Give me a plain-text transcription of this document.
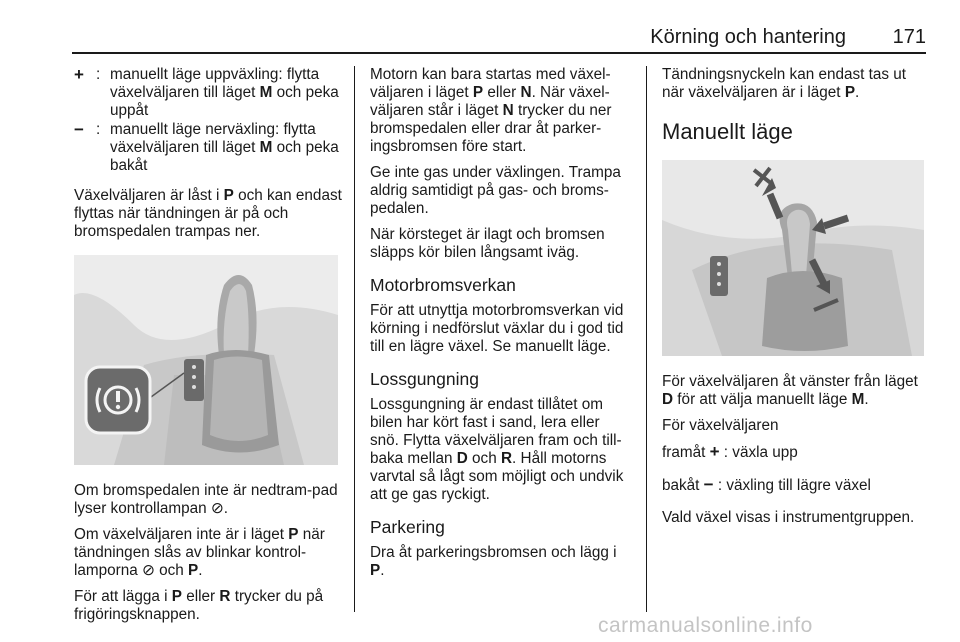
Körning och hantering 171
+ : manuellt läge uppväxling: flytta växelväljaren till läget M och peka uppåt
− : manuellt läge nerväxling: flytta växelväljaren till läget M och peka bakåt

Växelväljaren är låst i P och kan endast flyttas när tändningen är på och bromspedalen trampas ner.

Om bromspedalen inte är nedtram-pad lyser kontrollampan ⊘.

Om växelväljaren inte är i läget P när tändningen slås av blinkar kontrol-lamporna ⊘ och P.

För att lägga i P eller R trycker du på frigöringsknappen.

Motorn kan bara startas med växel-väljaren i läget P eller N. När växel-väljaren står i läget N trycker du ner bromspedalen eller drar åt parker-ingsbromsen före start.

Ge inte gas under växlingen. Trampa aldrig samtidigt på gas- och broms-pedalen.

När körsteget är ilagt och bromsen släpps kör bilen långsamt iväg.

Motorbromsverkan

För att utnyttja motorbromsverkan vid körning i nedförslut växlar du i god tid till en lägre växel. Se manuellt läge.

Lossgungning

Lossgungning är endast tillåtet om bilen har kört fast i sand, lera eller snö. Flytta växelväljaren fram och till-baka mellan D och R. Håll motorns varvtal så lågt som möjligt och undvik att ge gas ryckigt.

Parkering

Dra åt parkeringsbromsen och lägg i P.

Tändningsnyckeln kan endast tas ut när växelväljaren är i läget P.

Manuellt läge

För växelväljaren åt vänster från läget D för att välja manuellt läge M.

För växelväljaren

framåt + : växla upp

bakåt − : växling till lägre växel

Vald växel visas i instrumentgruppen.

carmanualsonline.info
